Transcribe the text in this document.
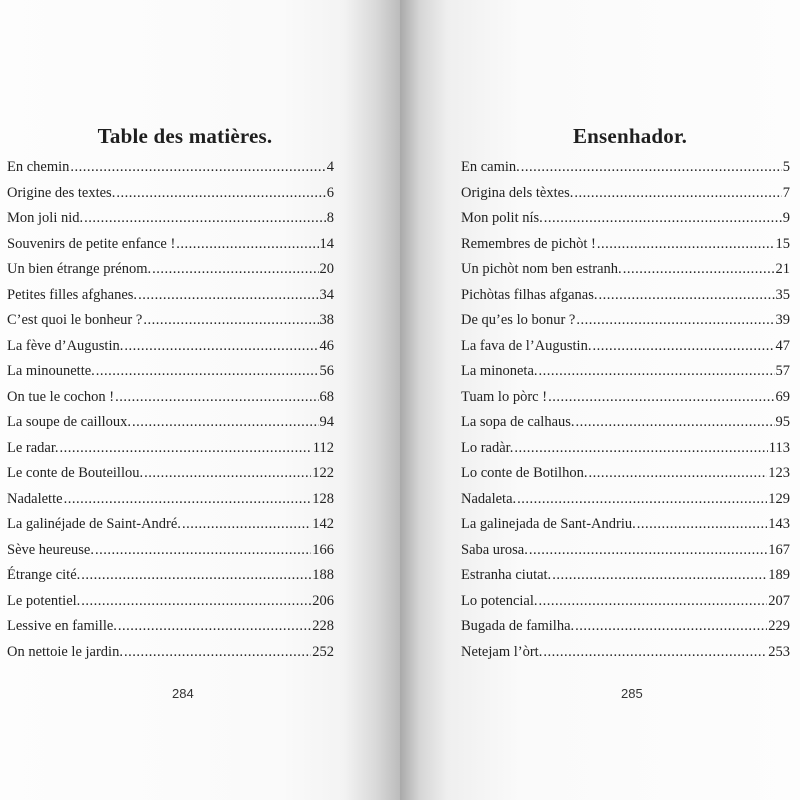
Table des matières.
En chemin .....	4
Origine des textes. .....	6
Mon joli nid. .....	8
Souvenirs de petite enfance ! .....	14
Un bien étrange prénom. .....	20
Petites filles afghanes. .....	34
C’est quoi le bonheur ? .....	38
La fève d’Augustin. .....	46
La minounette. .....	56
On tue le cochon ! .....	68
La soupe de cailloux. .....	94
Le radar. .....	112
Le conte de Bouteillou. .....	122
Nadalette .....	128
La galinéjade de Saint-André. .....	142
Sève heureuse. .....	166
Étrange cité. .....	188
Le potentiel. .....	206
Lessive en famille. .....	228
On nettoie le jardin. .....	252
284
Ensenhador.
En camin. .....	5
Origina dels tèxtes. .....	7
Mon polit nís. .....	9
Remembres de pichòt ! .....	15
Un pichòt nom ben estranh. .....	21
Pichòtas filhas afganas. .....	35
De qu’es lo bonur ? .....	39
La fava de l’Augustin. .....	47
La minoneta. .....	57
Tuam lo pòrc ! .....	69
La sopa de calhaus. .....	95
Lo radàr. .....	113
Lo conte de Botilhon. .....	123
Nadaleta. .....	129
La galinejada de Sant-Andriu. .....	143
Saba urosa. .....	167
Estranha ciutat. .....	189
Lo potencial. .....	207
Bugada de familha. .....	229
Netejam l’òrt. .....	253
285
